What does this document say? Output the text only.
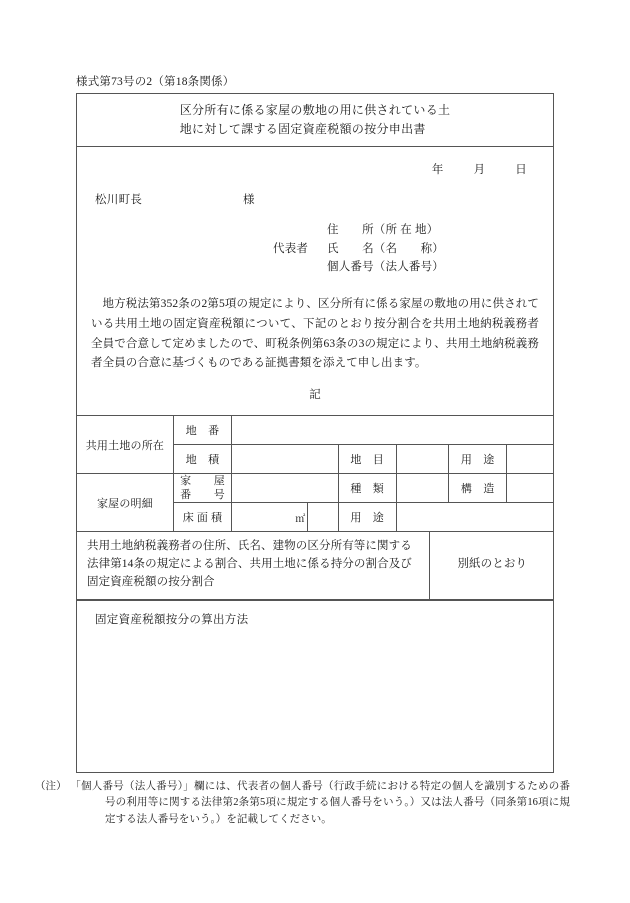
様式第73号の2（第18条関係）
区分所有に係る家屋の敷地の用に供されている土
地に対して課する固定資産税額の按分申出書
年	月	日
松川町長	様
住　　所（所 在 地）
代表者 氏　　名（名　　称）
個人番号（法人番号）
地方税法第352条の2第5項の規定により、区分所有に係る家屋の敷地の用に供されている共用土地の固定資産税額について、下記のとおり按分割合を共用土地納税義務者全員で合意して定めましたので、町税条例第63条の3の規定により、共用土地納税義務者全員の合意に基づくものである証拠書類を添えて申し出ます。
記
共用土地の所在	地　番						
	地　積			地　目		用　途	
家屋の明細	家　　屋
番　　号			種　類		構　造	
	床 面 積	㎡		用　途			
共用土地納税義務者の住所、氏名、建物の区分所有等に関する
法律第14条の規定による割合、共用土地に係る持分の割合及び
固定資産税額の按分割合	別紙のとおり
固定資産税額按分の算出方法
（注） 「個人番号（法人番号）」欄には、代表者の個人番号（行政手続における特定の個人を識別するための番号の利用等に関する法律第2条第5項に規定する個人番号をいう。）又は法人番号（同条第16項に規定する法人番号をいう。）を記載してください。
